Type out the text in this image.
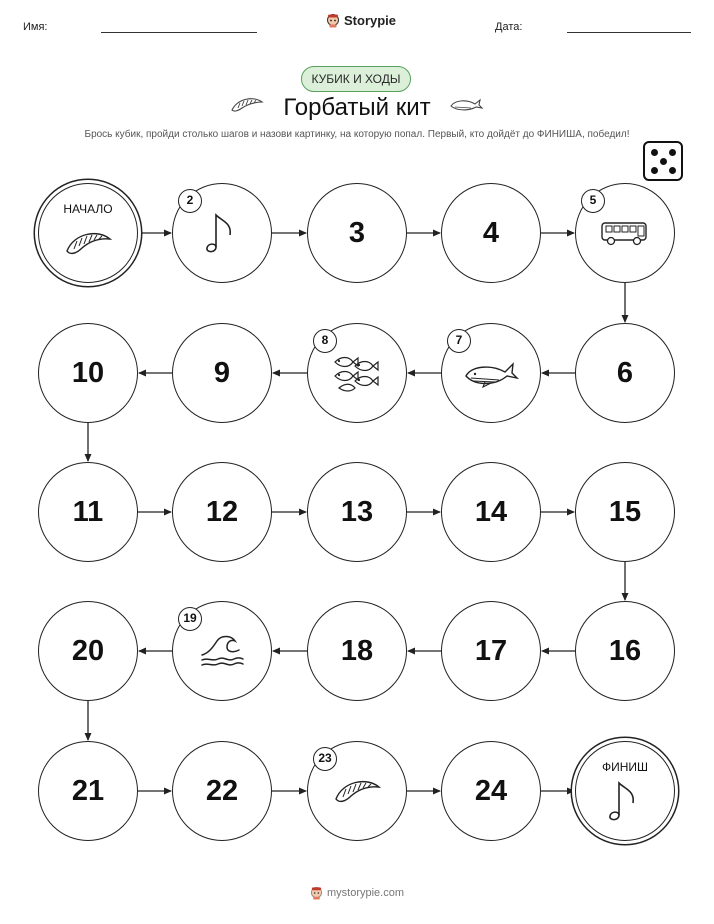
Имя:	Дата:
Storypie
КУБИК И ХОДЫ
Горбатый кит
Брось кубик, пройди столько шагов и назови картинку, на которую попал. Первый, кто дойдёт до ФИНИША, победил!
НАЧАЛО
2
3	4
5
6
7
8
9
10
11	12	13	14	15
16
17
18
19
20
21	22
23
24
ФИНИШ
mystorypie.com
